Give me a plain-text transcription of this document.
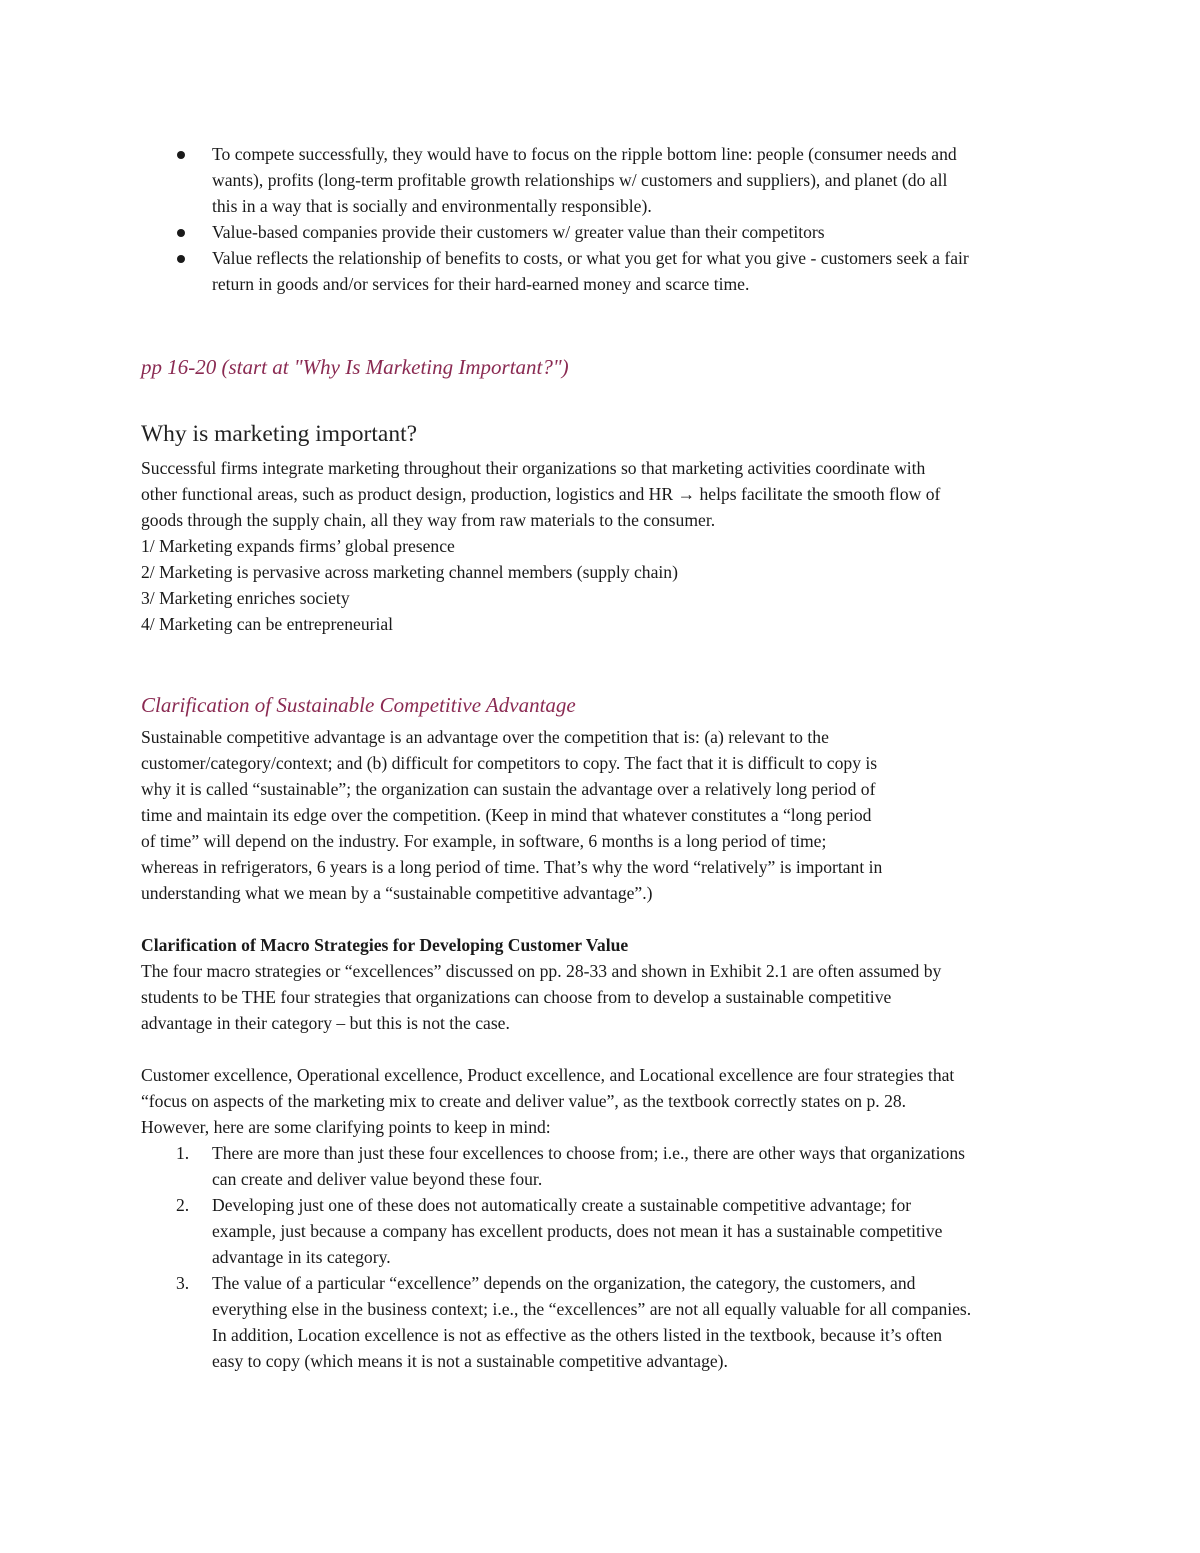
To compete successfully, they would have to focus on the ripple bottom line: people (consumer needs and
wants), profits (long-term profitable growth relationships w/ customers and suppliers), and planet (do all
this in a way that is socially and environmentally responsible).
Value-based companies provide their customers w/ greater value than their competitors
Value reflects the relationship of benefits to costs, or what you get for what you give - customers seek a fair
return in goods and/or services for their hard-earned money and scarce time.
pp 16-20 (start at "Why Is Marketing Important?")
Why is marketing important?
Successful firms integrate marketing throughout their organizations so that marketing activities coordinate with
other functional areas, such as product design, production, logistics and HR → helps facilitate the smooth flow of
goods through the supply chain, all they way from raw materials to the consumer.
1/ Marketing expands firms’ global presence
2/ Marketing is pervasive across marketing channel members (supply chain)
3/ Marketing enriches society
4/ Marketing can be entrepreneurial
Clarification of Sustainable Competitive Advantage
Sustainable competitive advantage is an advantage over the competition that is: (a) relevant to the
customer/category/context; and (b) difficult for competitors to copy. The fact that it is difficult to copy is
why it is called “sustainable”; the organization can sustain the advantage over a relatively long period of
time and maintain its edge over the competition. (Keep in mind that whatever constitutes a “long period
of time” will depend on the industry. For example, in software, 6 months is a long period of time;
whereas in refrigerators, 6 years is a long period of time. That’s why the word “relatively” is important in
understanding what we mean by a “sustainable competitive advantage”.)
Clarification of Macro Strategies for Developing Customer Value
The four macro strategies or “excellences” discussed on pp. 28-33 and shown in Exhibit 2.1 are often assumed by
students to be THE four strategies that organizations can choose from to develop a sustainable competitive
advantage in their category – but this is not the case.
Customer excellence, Operational excellence, Product excellence, and Locational excellence are four strategies that
“focus on aspects of the marketing mix to create and deliver value”, as the textbook correctly states on p. 28.
However, here are some clarifying points to keep in mind:
1. There are more than just these four excellences to choose from; i.e., there are other ways that organizations
can create and deliver value beyond these four.
2. Developing just one of these does not automatically create a sustainable competitive advantage; for
example, just because a company has excellent products, does not mean it has a sustainable competitive
advantage in its category.
3. The value of a particular “excellence” depends on the organization, the category, the customers, and
everything else in the business context; i.e., the “excellences” are not all equally valuable for all companies.
In addition, Location excellence is not as effective as the others listed in the textbook, because it’s often
easy to copy (which means it is not a sustainable competitive advantage).
